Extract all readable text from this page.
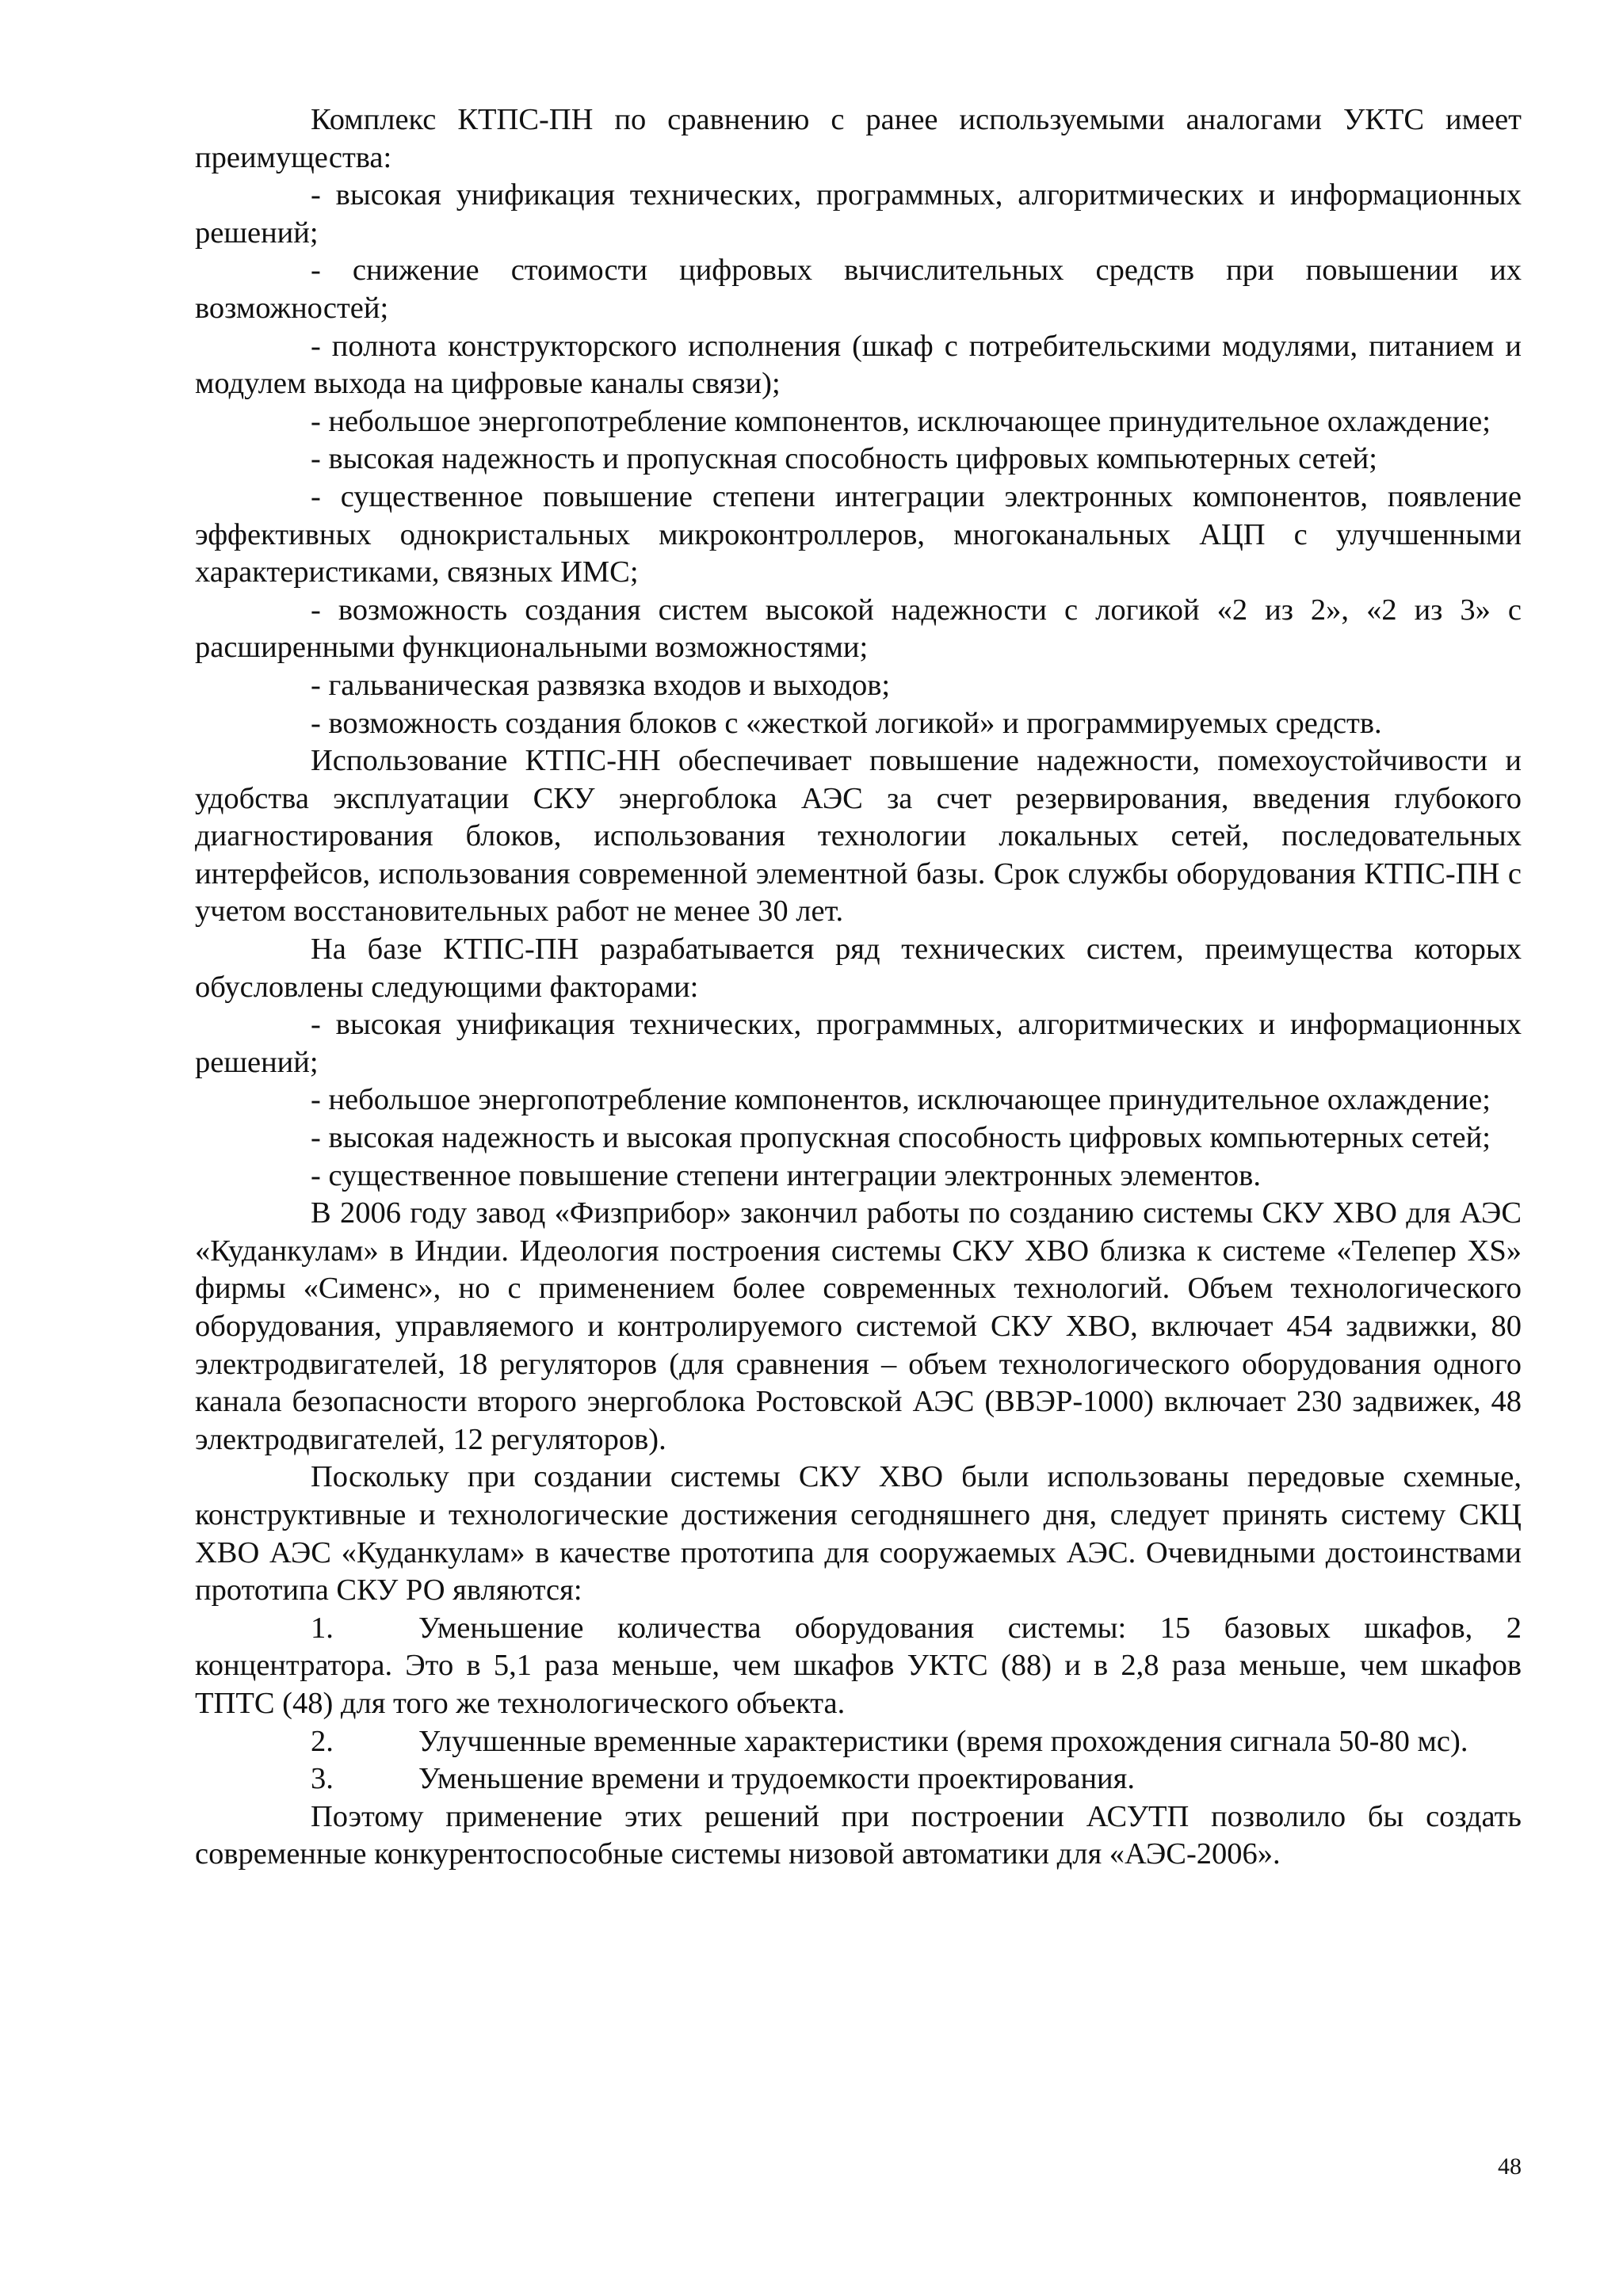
Комплекс КТПС-ПН по сравнению с ранее используемыми аналогами УКТС имеет преимущества:

- высокая унификация технических, программных, алгоритмических и информационных решений;

- снижение стоимости цифровых вычислительных средств при повышении их возможностей;

- полнота конструкторского исполнения (шкаф с потребительскими модулями, питанием и модулем выхода на цифровые каналы связи);

- небольшое энергопотребление компонентов, исключающее принудительное охлаждение;

- высокая надежность и пропускная способность цифровых компьютерных сетей;

- существенное повышение степени интеграции электронных компонентов, появление эффективных однокристальных микроконтроллеров, многоканальных АЦП с улучшенными характеристиками, связных ИМС;

- возможность создания систем высокой надежности с логикой «2 из 2», «2 из 3» с расширенными функциональными возможностями;

- гальваническая развязка входов и выходов;

- возможность создания блоков с «жесткой логикой» и программируемых средств.

Использование КТПС-НН обеспечивает повышение надежности, помехоустойчивости и удобства эксплуатации СКУ энергоблока АЭС за счет резервирования, введения глубокого диагностирования блоков, использования технологии локальных сетей, последовательных интерфейсов, использования современной элементной базы. Срок службы оборудования КТПС-ПН с учетом восстановительных работ не менее 30 лет.

На базе КТПС-ПН разрабатывается ряд технических систем, преимущества которых обусловлены следующими факторами:

- высокая унификация технических, программных, алгоритмических и информационных решений;

- небольшое энергопотребление компонентов, исключающее принудительное охлаждение;

- высокая надежность и высокая пропускная способность цифровых компьютерных сетей;

- существенное повышение степени интеграции электронных элементов.

В 2006 году завод «Физприбор» закончил работы по созданию системы СКУ ХВО для АЭС «Куданкулам» в Индии. Идеология построения системы СКУ ХВО близка к системе «Телепер XS» фирмы «Сименс», но с применением более современных технологий. Объем технологического оборудования, управляемого и контролируемого системой СКУ ХВО, включает 454 задвижки, 80 электродвигателей, 18 регуляторов (для сравнения – объем технологического оборудования одного канала безопасности второго энергоблока Ростовской АЭС (ВВЭР-1000) включает 230 задвижек, 48 электродвигателей, 12 регуляторов).

Поскольку при создании системы СКУ ХВО были использованы передовые схемные, конструктивные и технологические достижения сегодняшнего дня, следует принять систему СКЦ ХВО АЭС «Куданкулам» в качестве прототипа для сооружаемых АЭС. Очевидными достоинствами прототипа СКУ РО являются:

1.	Уменьшение количества оборудования системы: 15 базовых шкафов, 2 концентратора. Это в 5,1 раза меньше, чем шкафов УКТС (88) и в 2,8 раза меньше, чем шкафов ТПТС (48) для того же технологического объекта.

2.	Улучшенные временные характеристики (время прохождения сигнала 50-80 мс).

3.	Уменьшение времени и трудоемкости проектирования.

Поэтому применение этих решений при построении АСУТП позволило бы создать современные конкурентоспособные системы низовой автоматики для «АЭС-2006».

48
